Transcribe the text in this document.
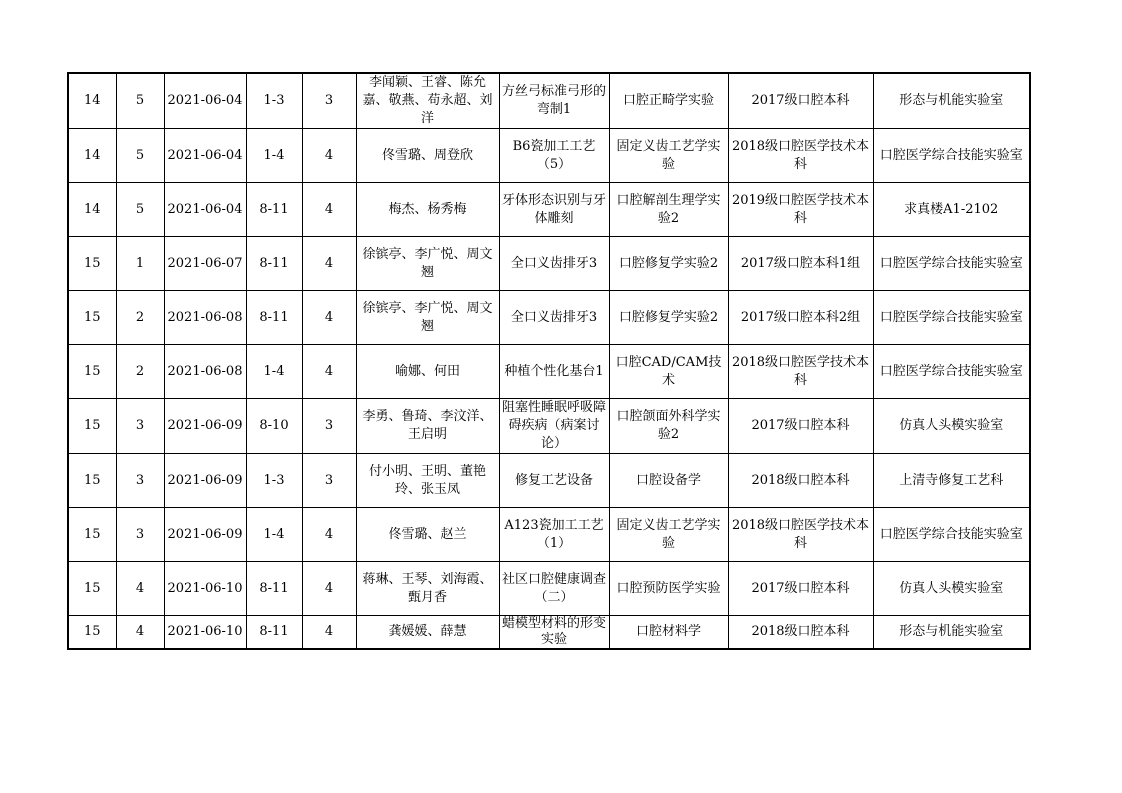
14	5	2021-06-04	1-3	3	李闻颖、王睿、陈允嘉、敬燕、苟永超、刘洋	方丝弓标准弓形的弯制1	口腔正畸学实验	2017级口腔本科	形态与机能实验室
14	5	2021-06-04	1-4	4	佟雪璐、周登欣	B6瓷加工工艺（5）	固定义齿工艺学实验	2018级口腔医学技术本科	口腔医学综合技能实验室
14	5	2021-06-04	8-11	4	梅杰、杨秀梅	牙体形态识别与牙体雕刻	口腔解剖生理学实验2	2019级口腔医学技术本科	求真楼A1-2102
15	1	2021-06-07	8-11	4	徐镔亭、李广悦、周文翘	全口义齿排牙3	口腔修复学实验2	2017级口腔本科1组	口腔医学综合技能实验室
15	2	2021-06-08	8-11	4	徐镔亭、李广悦、周文翘	全口义齿排牙3	口腔修复学实验2	2017级口腔本科2组	口腔医学综合技能实验室
15	2	2021-06-08	1-4	4	喻娜、何田	种植个性化基台1	口腔CAD/CAM技术	2018级口腔医学技术本科	口腔医学综合技能实验室
15	3	2021-06-09	8-10	3	李勇、鲁琦、李汶洋、王启明	阻塞性睡眠呼吸障碍疾病（病案讨论）	口腔颌面外科学实验2	2017级口腔本科	仿真人头模实验室
15	3	2021-06-09	1-3	3	付小明、王明、董艳玲、张玉凤	修复工艺设备	口腔设备学	2018级口腔本科	上清寺修复工艺科
15	3	2021-06-09	1-4	4	佟雪璐、赵兰	A123瓷加工工艺（1）	固定义齿工艺学实验	2018级口腔医学技术本科	口腔医学综合技能实验室
15	4	2021-06-10	8-11	4	蒋琳、王琴、刘海霞、甄月香	社区口腔健康调查（二）	口腔预防医学实验	2017级口腔本科	仿真人头模实验室
15	4	2021-06-10	8-11	4	龚媛媛、薛慧	蜡模型材料的形变实验	口腔材料学	2018级口腔本科	形态与机能实验室
